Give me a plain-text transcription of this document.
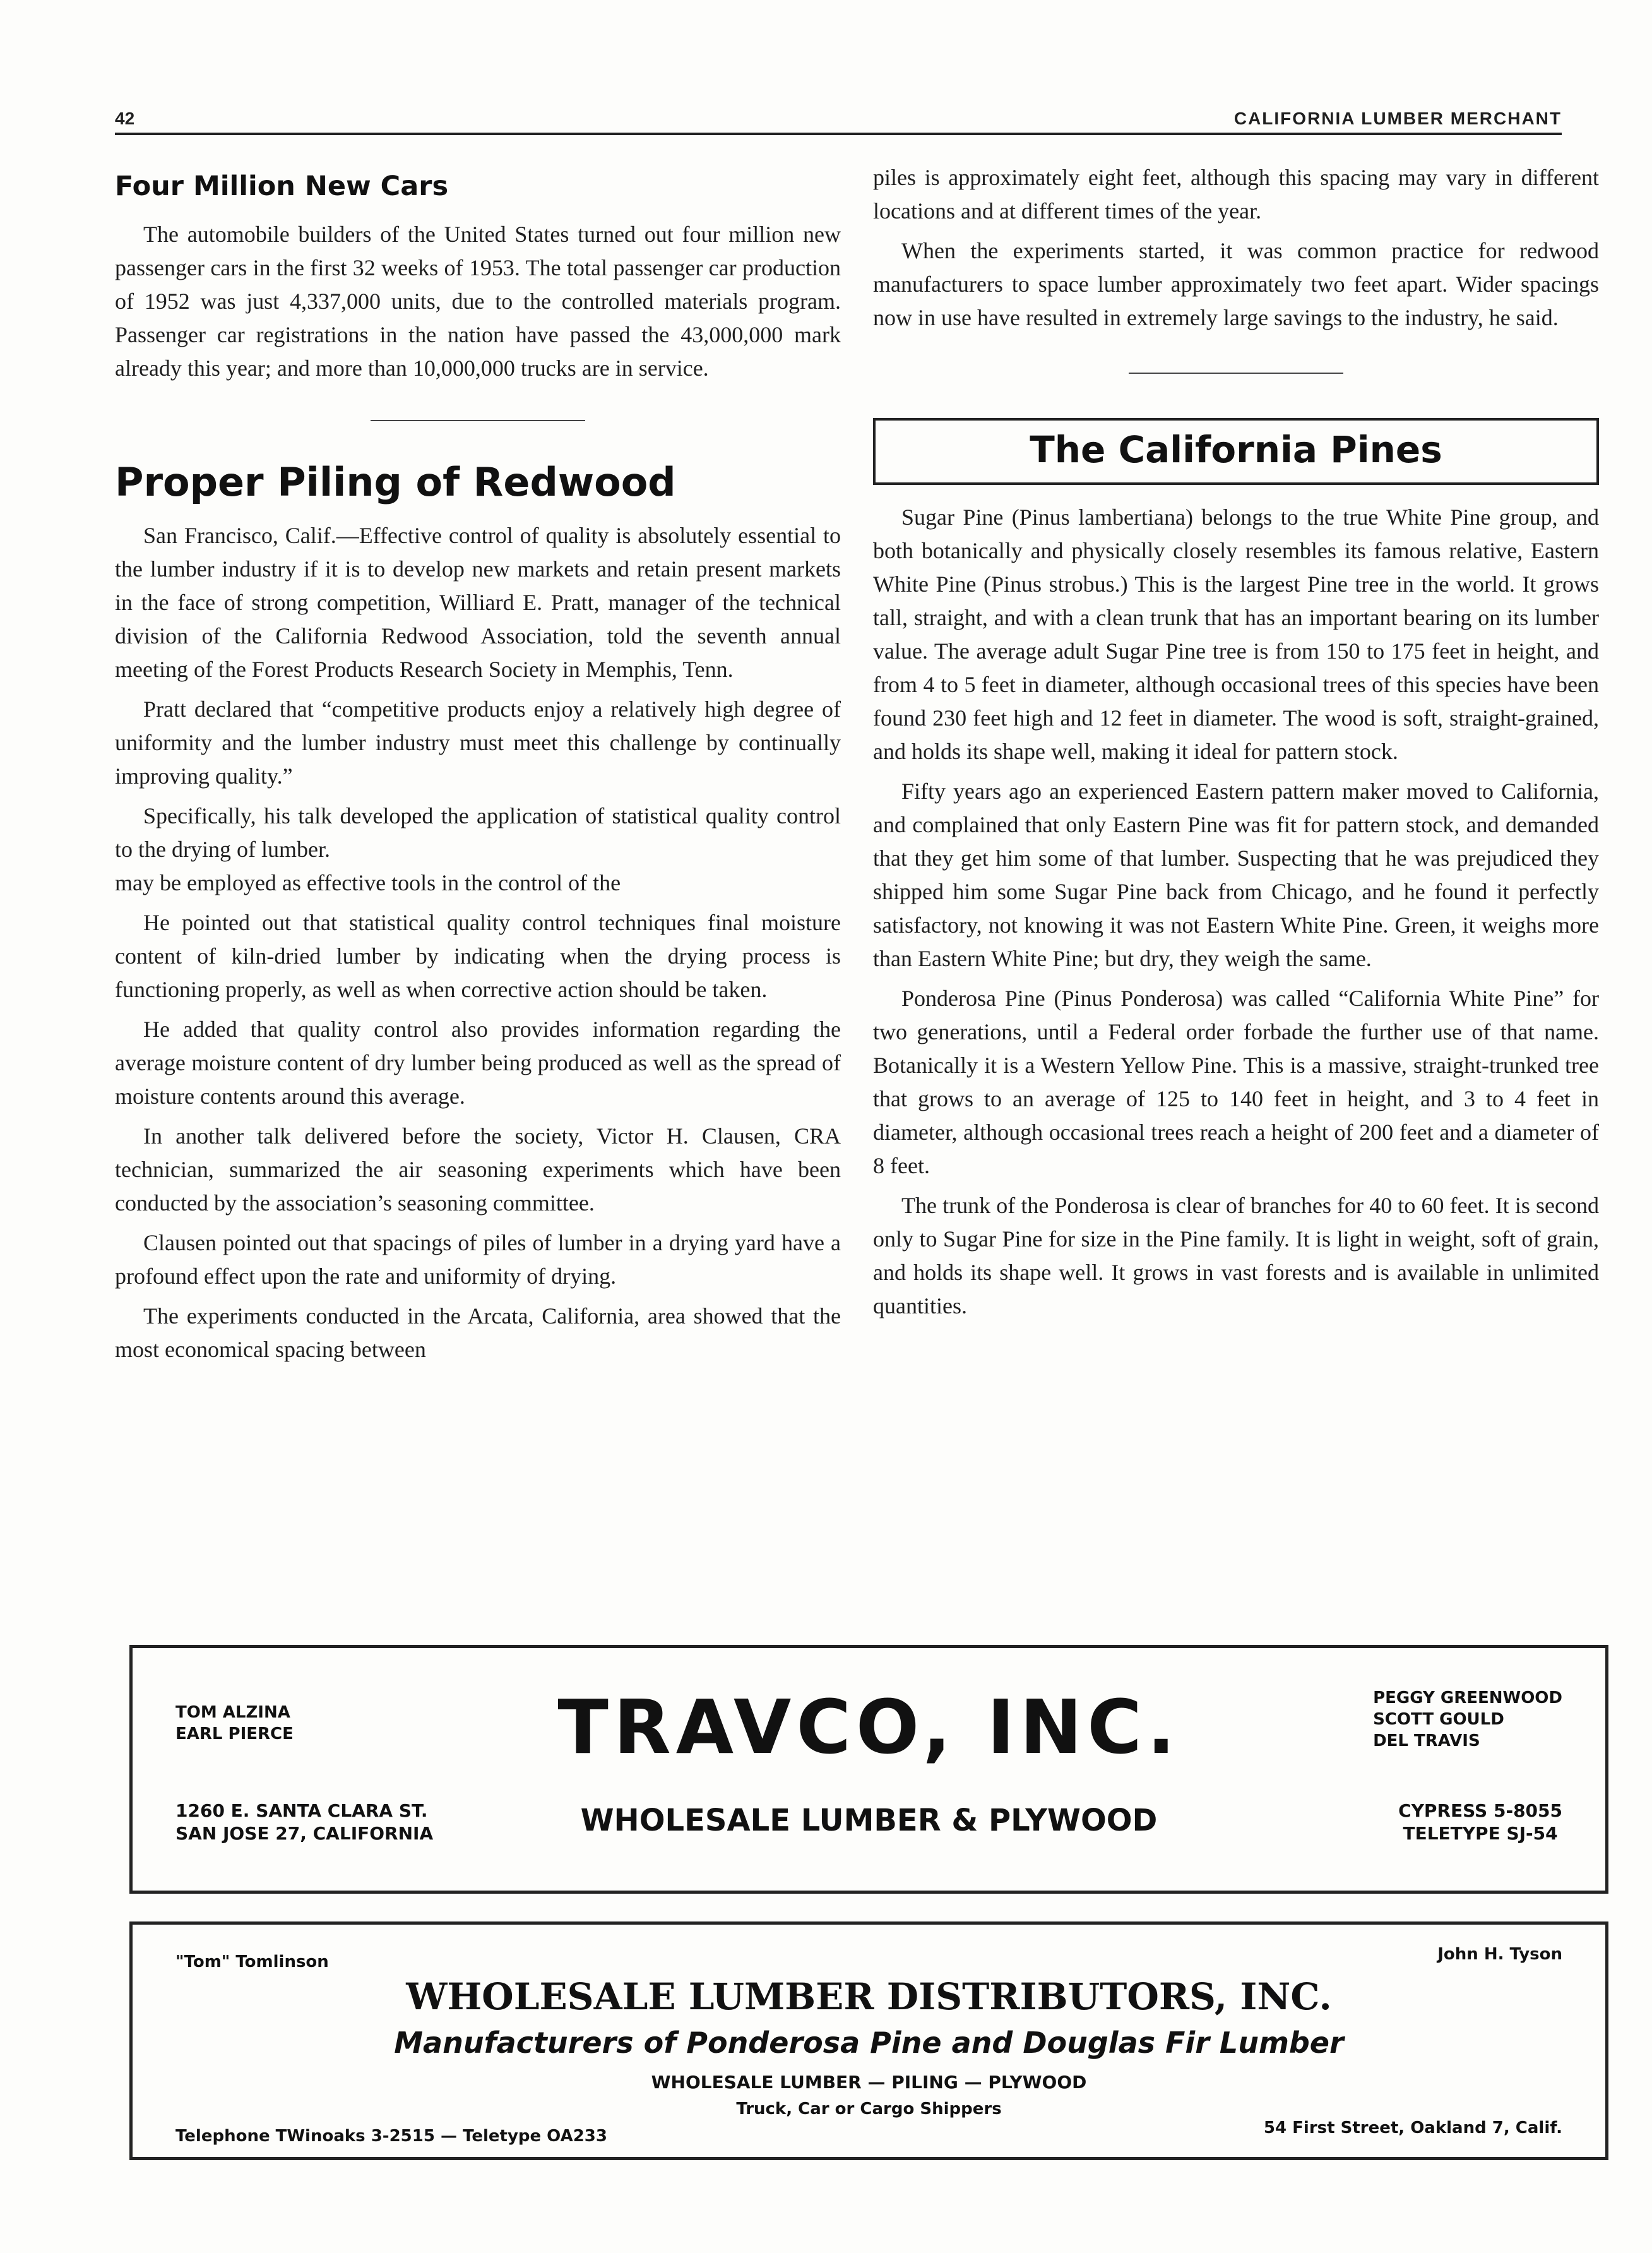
42	CALIFORNIA LUMBER MERCHANT
Four Million New Cars

The automobile builders of the United States turned out four million new passenger cars in the first 32 weeks of 1953. The total passenger car production of 1952 was just 4,337,000 units, due to the controlled materials program. Passenger car registrations in the nation have passed the 43,000,000 mark already this year; and more than 10,000,000 trucks are in service.

Proper Piling of Redwood

San Francisco, Calif.—Effective control of quality is absolutely essential to the lumber industry if it is to develop new markets and retain present markets in the face of strong competition, Williard E. Pratt, manager of the technical division of the California Redwood Association, told the seventh annual meeting of the Forest Products Research Society in Memphis, Tenn.

Pratt declared that “competitive products enjoy a relatively high degree of uniformity and the lumber industry must meet this challenge by continually improving quality.”

Specifically, his talk developed the application of statistical quality control to the drying of lumber.

may be employed as effective tools in the control of the

He pointed out that statistical quality control techniques final moisture content of kiln-dried lumber by indicating when the drying process is functioning properly, as well as when corrective action should be taken.

He added that quality control also provides information regarding the average moisture content of dry lumber being produced as well as the spread of moisture contents around this average.

In another talk delivered before the society, Victor H. Clausen, CRA technician, summarized the air seasoning experiments which have been conducted by the association’s seasoning committee.

Clausen pointed out that spacings of piles of lumber in a drying yard have a profound effect upon the rate and uniformity of drying.

The experiments conducted in the Arcata, California, area showed that the most economical spacing between

piles is approximately eight feet, although this spacing may vary in different locations and at different times of the year.

When the experiments started, it was common practice for redwood manufacturers to space lumber approximately two feet apart. Wider spacings now in use have resulted in extremely large savings to the industry, he said.

The California Pines

Sugar Pine (Pinus lambertiana) belongs to the true White Pine group, and both botanically and physically closely resembles its famous relative, Eastern White Pine (Pinus strobus.) This is the largest Pine tree in the world. It grows tall, straight, and with a clean trunk that has an important bearing on its lumber value. The average adult Sugar Pine tree is from 150 to 175 feet in height, and from 4 to 5 feet in diameter, although occasional trees of this species have been found 230 feet high and 12 feet in diameter. The wood is soft, straight-grained, and holds its shape well, making it ideal for pattern stock.

Fifty years ago an experienced Eastern pattern maker moved to California, and complained that only Eastern Pine was fit for pattern stock, and demanded that they get him some of that lumber. Suspecting that he was prejudiced they shipped him some Sugar Pine back from Chicago, and he found it perfectly satisfactory, not knowing it was not Eastern White Pine. Green, it weighs more than Eastern White Pine; but dry, they weigh the same.

Ponderosa Pine (Pinus Ponderosa) was called “California White Pine” for two generations, until a Federal order forbade the further use of that name. Botanically it is a Western Yellow Pine. This is a massive, straight-trunked tree that grows to an average of 125 to 140 feet in height, and 3 to 4 feet in diameter, although occasional trees reach a height of 200 feet and a diameter of 8 feet.

The trunk of the Ponderosa is clear of branches for 40 to 60 feet. It is second only to Sugar Pine for size in the Pine family. It is light in weight, soft of grain, and holds its shape well. It grows in vast forests and is available in unlimited quantities.

TOM ALZINA
EARL PIERCE	TRAVCO, INC.	PEGGY GREENWOOD
SCOTT GOULD
DEL TRAVIS
1260 E. SANTA CLARA ST.
SAN JOSE 27, CALIFORNIA	WHOLESALE LUMBER & PLYWOOD	CYPRESS 5-8055
TELETYPE SJ-54
"Tom" Tomlinson	John H. Tyson
WHOLESALE LUMBER DISTRIBUTORS, INC.
Manufacturers of Ponderosa Pine and Douglas Fir Lumber
WHOLESALE LUMBER — PILING — PLYWOOD
Truck, Car or Cargo Shippers
Telephone TWinoaks 3-2515 — Teletype OA233	54 First Street, Oakland 7, Calif.
